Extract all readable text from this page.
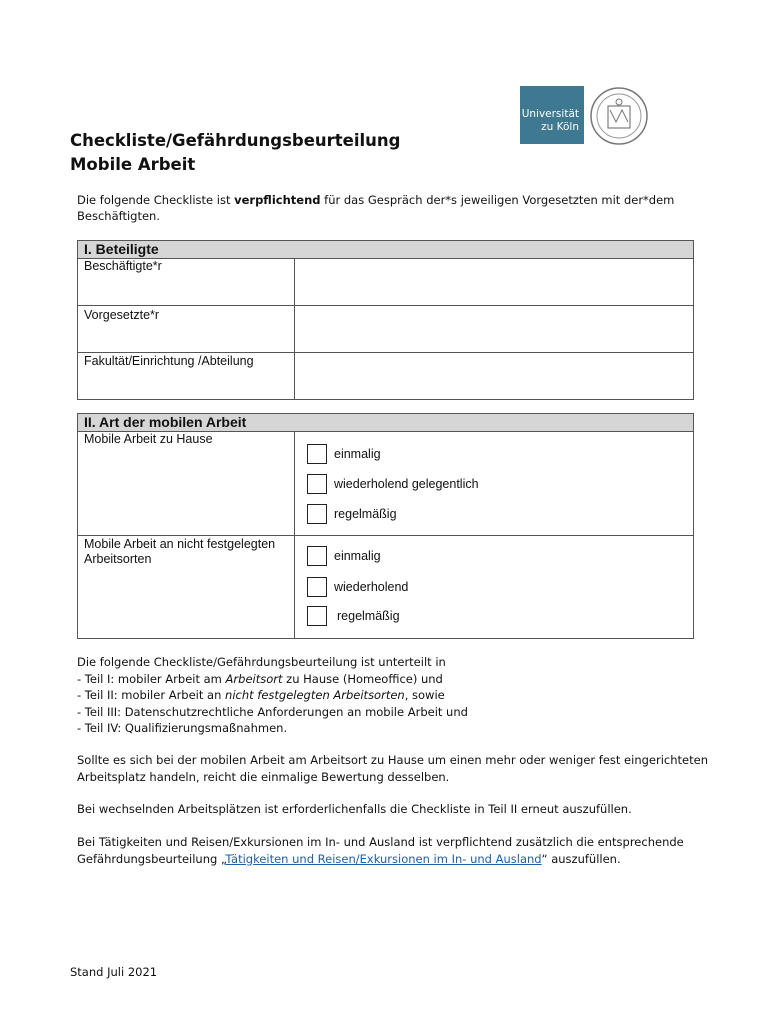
Universität
zu Köln
Checkliste/Gefährdungsbeurteilung
Mobile Arbeit
Die folgende Checkliste ist verpflichtend für das Gespräch der*s jeweiligen Vorgesetzten mit der*dem Beschäftigten.
I. Beteiligte
Beschäftigte*r
Vorgesetzte*r
Fakultät/Einrichtung /Abteilung
II. Art der mobilen Arbeit
Mobile Arbeit zu Hause
einmalig
wiederholend gelegentlich
regelmäßig
Mobile Arbeit an nicht festgelegten Arbeitsorten	einmalig
wiederholend
regelmäßig
Die folgende Checkliste/Gefährdungsbeurteilung ist unterteilt in
- Teil I: mobiler Arbeit am Arbeitsort zu Hause (Homeoffice) und
- Teil II: mobiler Arbeit an nicht festgelegten Arbeitsorten, sowie
- Teil III: Datenschutzrechtliche Anforderungen an mobile Arbeit und
- Teil IV: Qualifizierungsmaßnahmen.
Sollte es sich bei der mobilen Arbeit am Arbeitsort zu Hause um einen mehr oder weniger fest eingerichteten Arbeitsplatz handeln, reicht die einmalige Bewertung desselben.
Bei wechselnden Arbeitsplätzen ist erforderlichenfalls die Checkliste in Teil II erneut auszufüllen.
Bei Tätigkeiten und Reisen/Exkursionen im In- und Ausland ist verpflichtend zusätzlich die entsprechende Gefährdungsbeurteilung „Tätigkeiten und Reisen/Exkursionen im In- und Ausland“ auszufüllen.
Stand Juli 2021
